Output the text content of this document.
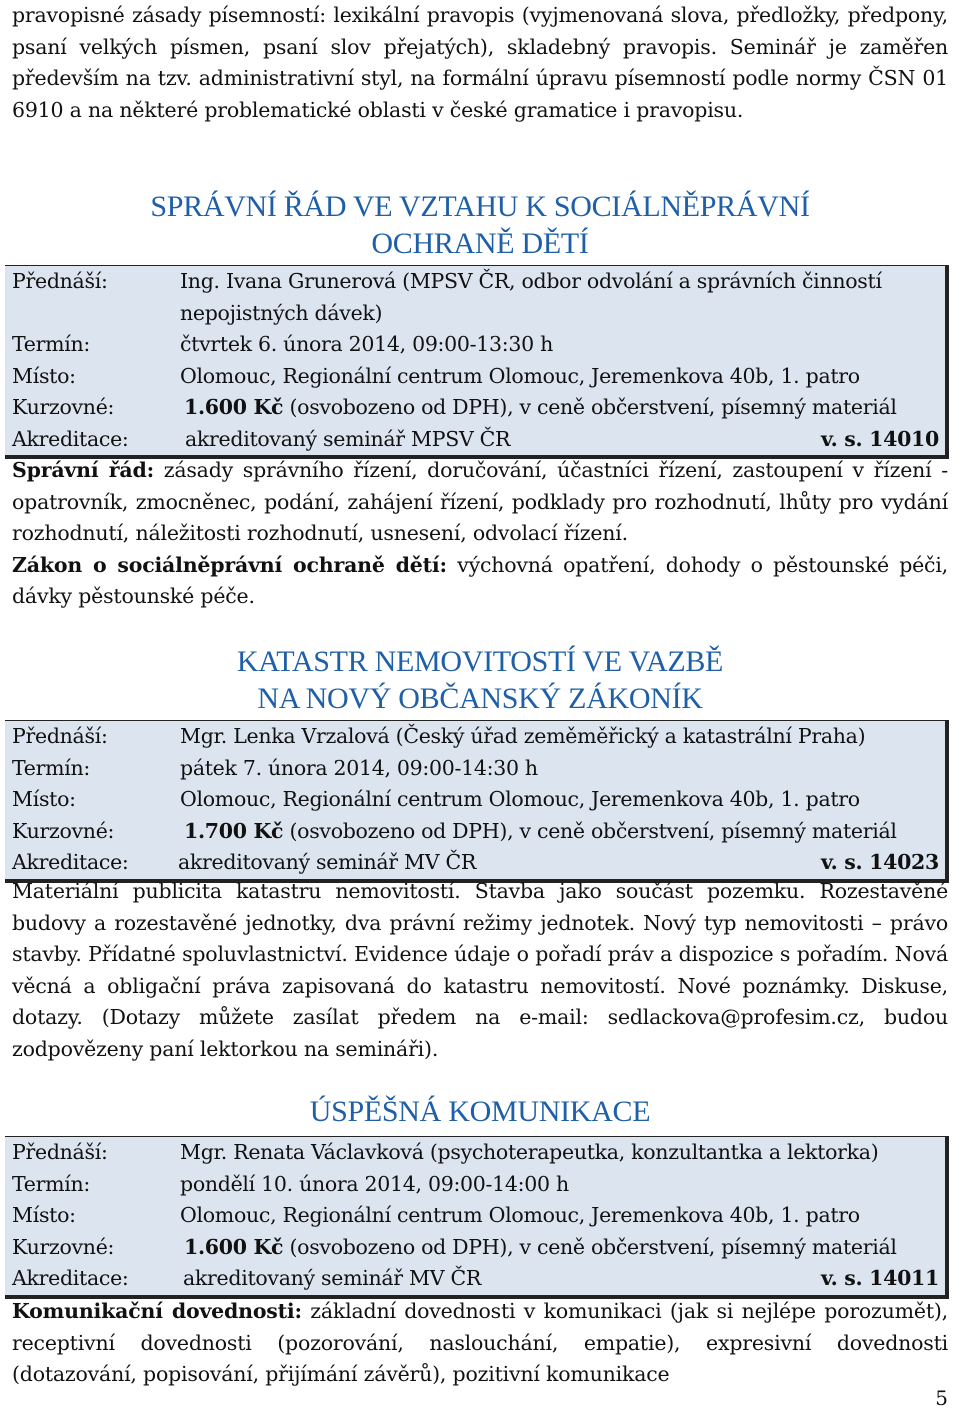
pravopisné zásady písemností: lexikální pravopis (vyjmenovaná slova, předložky, předpony, psaní velkých písmen, psaní slov přejatých), skladebný pravopis. Seminář je zaměřen především na tzv. administrativní styl, na formální úpravu písemností podle normy ČSN 01 6910 a na některé problematické oblasti v české gramatice i pravopisu.
SPRÁVNÍ ŘÁD VE VZTAHU K SOCIÁLNĚPRÁVNÍ
OCHRANĚ DĚTÍ
Přednáší:	Ing. Ivana Grunerová (MPSV ČR, odbor odvolání a správních činností nepojistných dávek)
Termín:	čtvrtek 6. února 2014, 09:00-13:30 h
Místo:	Olomouc, Regionální centrum Olomouc, Jeremenkova 40b, 1. patro
Kurzovné:	1.600 Kč (osvobozeno od DPH), v ceně občerstvení, písemný materiál
Akreditace:	akreditovaný seminář MPSV ČR	v. s. 14010
Správní řád: zásady správního řízení, doručování, účastníci řízení, zastoupení v řízení - opatrovník, zmocněnec, podání, zahájení řízení, podklady pro rozhodnutí, lhůty pro vydání rozhodnutí, náležitosti rozhodnutí, usnesení, odvolací řízení.
Zákon o sociálněprávní ochraně dětí: výchovná opatření, dohody o pěstounské péči, dávky pěstounské péče.
KATASTR NEMOVITOSTÍ VE VAZBĚ
NA NOVÝ OBČANSKÝ ZÁKONÍK
Přednáší:	Mgr. Lenka Vrzalová (Český úřad zeměměřický a katastrální Praha)
Termín:	pátek 7. února 2014, 09:00-14:30 h
Místo:	Olomouc, Regionální centrum Olomouc, Jeremenkova 40b, 1. patro
Kurzovné:	1.700 Kč (osvobozeno od DPH), v ceně občerstvení, písemný materiál
Akreditace: akreditovaný seminář MV ČR	v. s. 14023
Materiální publicita katastru nemovitostí. Stavba jako součást pozemku. Rozestavěné budovy a rozestavěné jednotky, dva právní režimy jednotek. Nový typ nemovitosti – právo stavby. Přídatné spoluvlastnictví. Evidence údaje o pořadí práv a dispozice s pořadím. Nová věcná a obligační práva zapisovaná do katastru nemovitostí. Nové poznámky. Diskuse, dotazy. (Dotazy můžete zasílat předem na e-mail: sedlackova@profesim.cz, budou zodpovězeny paní lektorkou na semináři).
ÚSPĚŠNÁ KOMUNIKACE
Přednáší:	Mgr. Renata Václavková (psychoterapeutka, konzultantka a lektorka)
Termín:	pondělí 10. února 2014, 09:00-14:00 h
Místo:	Olomouc, Regionální centrum Olomouc, Jeremenkova 40b, 1. patro
Kurzovné:	1.600 Kč (osvobozeno od DPH), v ceně občerstvení, písemný materiál
Akreditace:	akreditovaný seminář MV ČR	v. s. 14011
Komunikační dovednosti: základní dovednosti v komunikaci (jak si nejlépe porozumět), receptivní dovednosti (pozorování, naslouchání, empatie), expresivní dovednosti (dotazování, popisování, přijímání závěrů), pozitivní komunikace
5
